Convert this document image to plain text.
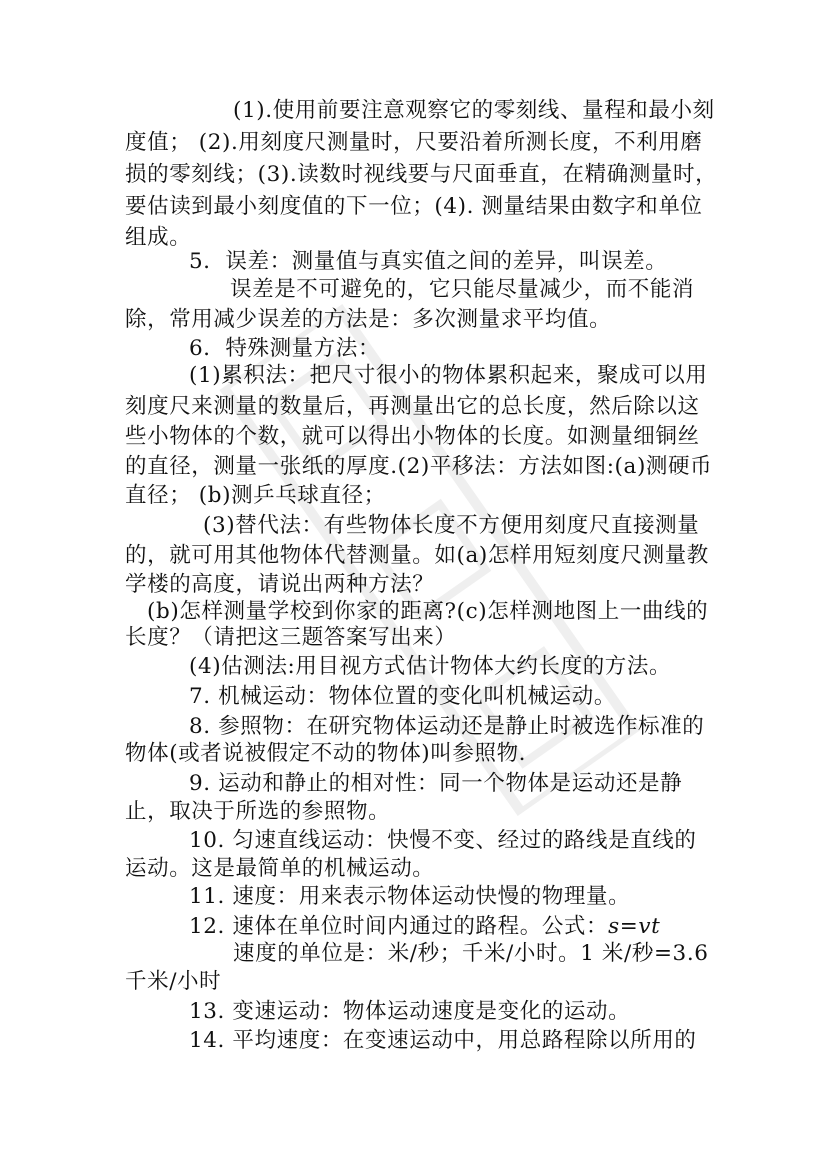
(1).使用前要注意观察它的零刻线、量程和最小刻
度值； (2).用刻度尺测量时，尺要沿着所测长度，不利用磨
损的零刻线；(3).读数时视线要与尺面垂直，在精确测量时，
要估读到最小刻度值的下一位；(4). 测量结果由数字和单位
组成。
5．误差：测量值与真实值之间的差异，叫误差。
误差是不可避免的，它只能尽量减少，而不能消
除，常用减少误差的方法是：多次测量求平均值。
6．特殊测量方法：
(1)累积法：把尺寸很小的物体累积起来，聚成可以用
刻度尺来测量的数量后，再测量出它的总长度，然后除以这
些小物体的个数，就可以得出小物体的长度。如测量细铜丝
的直径，测量一张纸的厚度.(2)平移法：方法如图:(a)测硬币
直径； (b)测乒乓球直径；
(3)替代法：有些物体长度不方便用刻度尺直接测量
的，就可用其他物体代替测量。如(a)怎样用短刻度尺测量教
学楼的高度，请说出两种方法？
(b)怎样测量学校到你家的距离?(c)怎样测地图上一曲线的
长度？（请把这三题答案写出来）
(4)估测法:用目视方式估计物体大约长度的方法。
7. 机械运动：物体位置的变化叫机械运动。
8. 参照物：在研究物体运动还是静止时被选作标准的
物体(或者说被假定不动的物体)叫参照物.
9. 运动和静止的相对性：同一个物体是运动还是静
止，取决于所选的参照物。
10. 匀速直线运动：快慢不变、经过的路线是直线的
运动。这是最简单的机械运动。
11. 速度：用来表示物体运动快慢的物理量。
12. 速体在单位时间内通过的路程。公式：s=vt
速度的单位是：米/秒；千米/小时。1 米/秒=3.6
千米/小时
13. 变速运动：物体运动速度是变化的运动。
14. 平均速度：在变速运动中，用总路程除以所用的
